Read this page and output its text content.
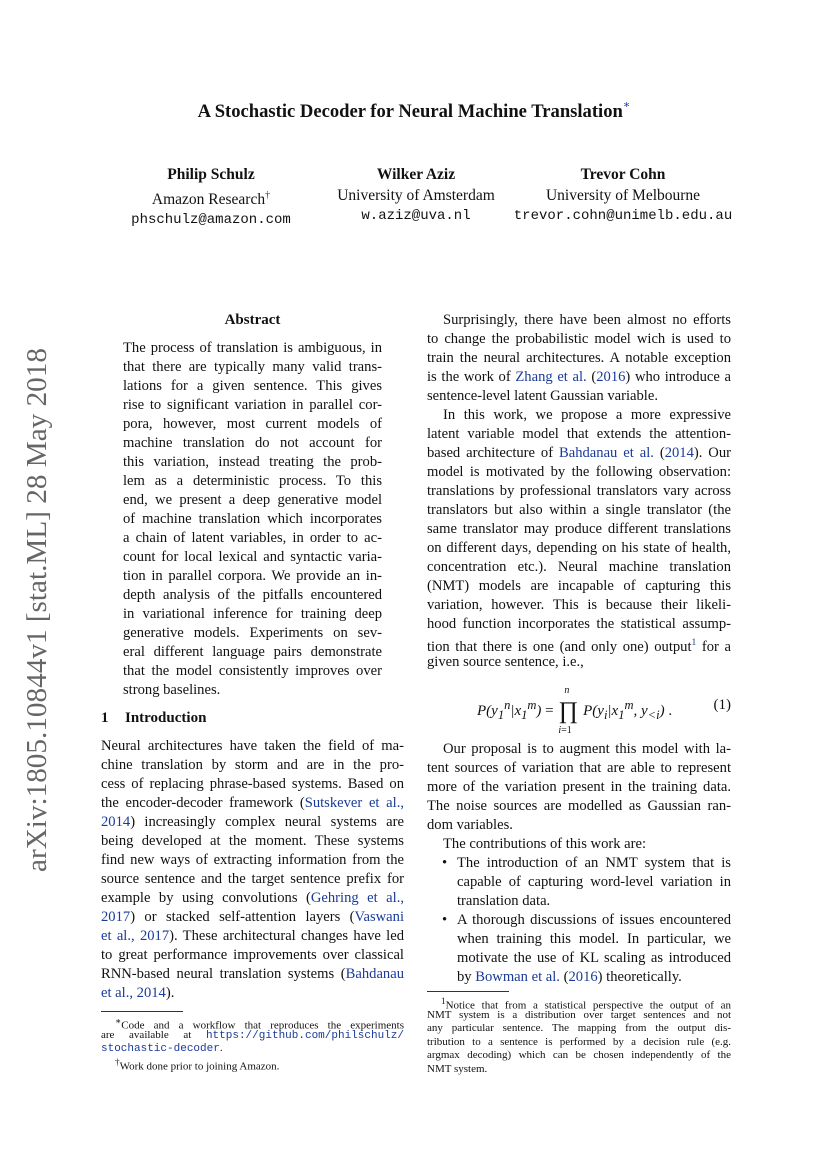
arXiv:1805.10844v1 [stat.ML] 28 May 2018
A Stochastic Decoder for Neural Machine Translation∗
Philip Schulz
Amazon Research†
phschulz@amazon.com
Wilker Aziz
University of Amsterdam
w.aziz@uva.nl
Trevor Cohn
University of Melbourne
trevor.cohn@unimelb.edu.au
Abstract
The process of translation is ambiguous, in
that there are typically many valid trans-
lations for a given sentence. This gives
rise to significant variation in parallel cor-
pora, however, most current models of
machine translation do not account for
this variation, instead treating the prob-
lem as a deterministic process. To this
end, we present a deep generative model
of machine translation which incorporates
a chain of latent variables, in order to ac-
count for local lexical and syntactic varia-
tion in parallel corpora. We provide an in-
depth analysis of the pitfalls encountered
in variational inference for training deep
generative models. Experiments on sev-
eral different language pairs demonstrate
that the model consistently improves over
strong baselines.
1 Introduction
Neural architectures have taken the field of ma-
chine translation by storm and are in the pro-
cess of replacing phrase-based systems. Based on
the encoder-decoder framework (Sutskever et al.,
2014) increasingly complex neural systems are
being developed at the moment. These systems
find new ways of extracting information from the
source sentence and the target sentence prefix for
example by using convolutions (Gehring et al.,
2017) or stacked self-attention layers (Vaswani
et al., 2017). These architectural changes have led
to great performance improvements over classical
RNN-based neural translation systems (Bahdanau
et al., 2014).
∗Code and a workflow that reproduces the experiments
are available at https://github.com/philschulz/
stochastic-decoder.
†Work done prior to joining Amazon.
Surprisingly, there have been almost no efforts
to change the probabilistic model wich is used to
train the neural architectures. A notable exception
is the work of Zhang et al. (2016) who introduce a
sentence-level latent Gaussian variable.
In this work, we propose a more expressive
latent variable model that extends the attention-
based architecture of Bahdanau et al. (2014). Our
model is motivated by the following observation:
translations by professional translators vary across
translators but also within a single translator (the
same translator may produce different translations
on different days, depending on his state of health,
concentration etc.). Neural machine translation
(NMT) models are incapable of capturing this
variation, however. This is because their likeli-
hood function incorporates the statistical assump-
tion that there is one (and only one) output$^1$ for a
given source sentence, i.e.,
$P(y_1^n|x_1^m)$ =
n
∏
i=1
$P(y_i|x_1^m$, $y_{<i}$) .	(1)
Our proposal is to augment this model with la-
tent sources of variation that are able to represent
more of the variation present in the training data.
The noise sources are modelled as Gaussian ran-
dom variables.
The contributions of this work are:
• The introduction of an NMT system that is
capable of capturing word-level variation in
translation data.
• A thorough discussions of issues encountered
when training this model. In particular, we
motivate the use of KL scaling as introduced
by Bowman et al. (2016) theoretically.
$^1$Notice that from a statistical perspective the output of an
NMT system is a distribution over target sentences and not
any particular sentence. The mapping from the output dis-
tribution to a sentence is performed by a decision rule (e.g.
argmax decoding) which can be chosen independently of the
NMT system.
